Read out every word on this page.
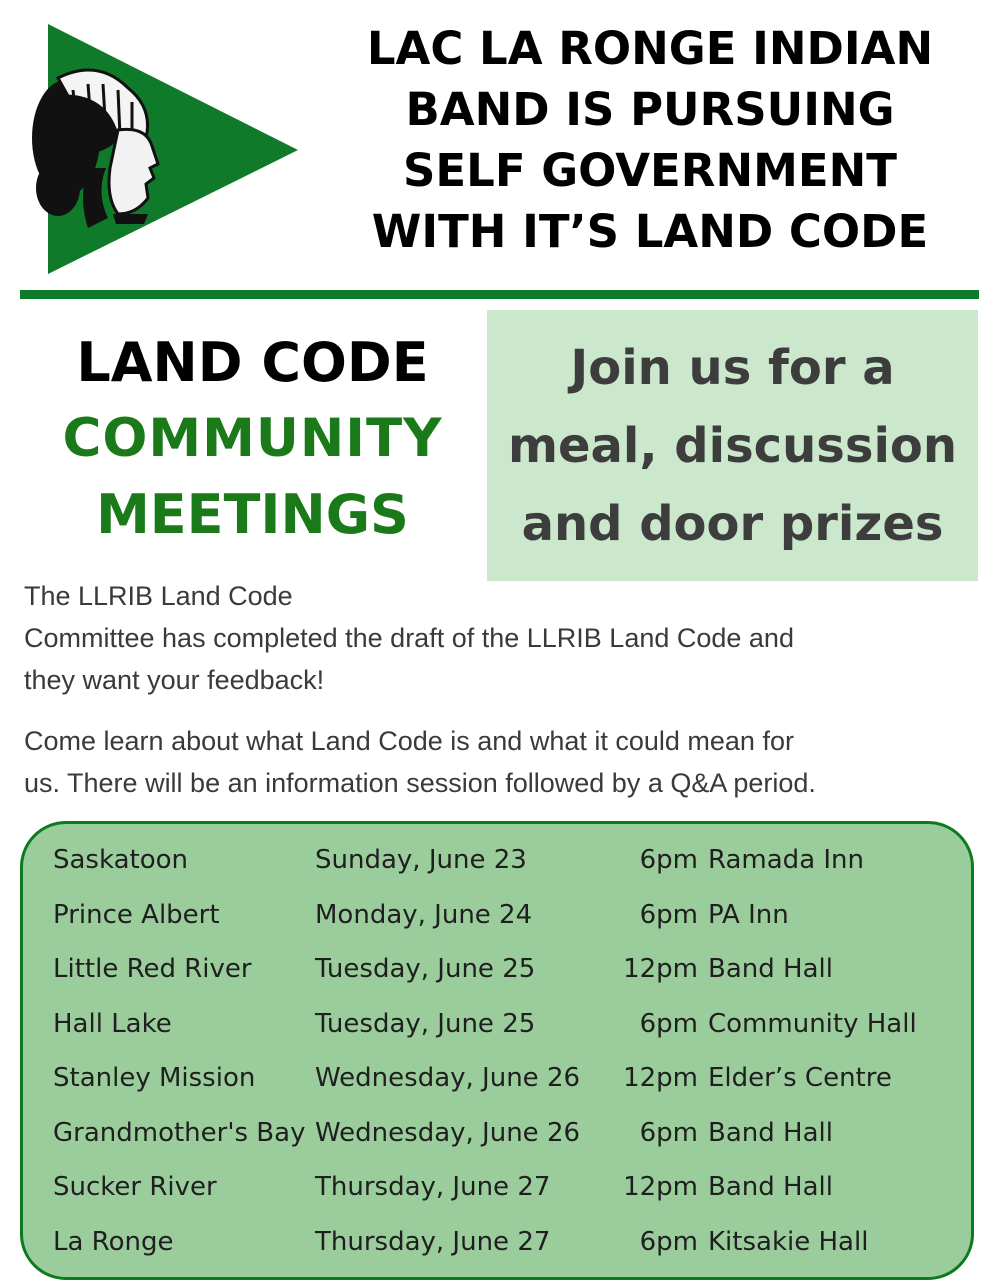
LAC LA RONGE INDIAN
BAND IS PURSUING
SELF GOVERNMENT
WITH IT’S LAND CODE
LAND CODE
COMMUNITY
MEETINGS
Join us for a
meal, discussion
and door prizes

The LLRIB Land Code
Committee has completed the draft of the LLRIB Land Code and
they want your feedback!

Come learn about what Land Code is and what it could mean for
us. There will be an information session followed by a Q&A period.

Saskatoon	Sunday, June 23	6pm Ramada Inn
Prince Albert	Monday, June 24	6pm PA Inn
Little Red River Tuesday, June 25	12pm Band Hall
Hall Lake	Tuesday, June 25	6pm Community Hall
Stanley Mission Wednesday, June 26	12pm Elder’s Centre
Grandmother's Bay Wednesday, June 26	6pm Band Hall
Sucker River	Thursday, June 27	12pm Band Hall
La Ronge	Thursday, June 27	6pm Kitsakie Hall
